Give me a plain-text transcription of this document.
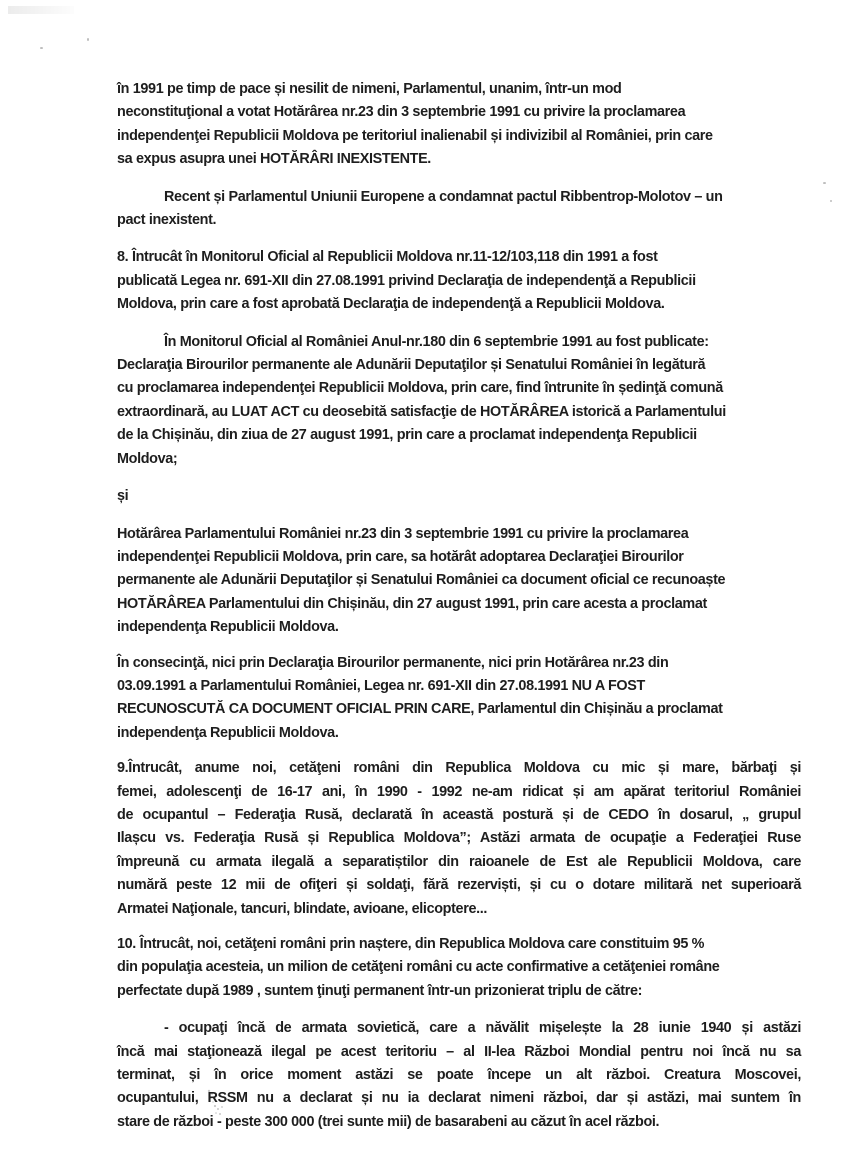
în 1991 pe timp de pace și nesilit de nimeni, Parlamentul, unanim, într-un mod
neconstituţional a votat Hotărârea nr.23 din 3 septembrie 1991 cu privire la proclamarea
independenţei Republicii Moldova pe teritoriul inalienabil și indivizibil al României, prin care
sa expus asupra unei HOTĂRÂRI INEXISTENTE.
Recent și Parlamentul Uniunii Europene a condamnat pactul Ribbentrop-Molotov – un
pact inexistent.
8. Întrucât în Monitorul Oficial al Republicii Moldova nr.11-12/103,118 din 1991 a fost
publicată Legea nr. 691-XII din 27.08.1991 privind Declaraţia de independenţă a Republicii
Moldova, prin care a fost aprobată Declaraţia de independenţă a Republicii Moldova.
În Monitorul Oficial al României Anul-nr.180 din 6 septembrie 1991 au fost publicate:
Declaraţia Birourilor permanente ale Adunării Deputaţilor și Senatului României în legătură
cu proclamarea independenţei Republicii Moldova, prin care, find întrunite în ședinţă comună
extraordinară, au LUAT ACT cu deosebită satisfacţie de HOTĂRÂREA istorică a Parlamentului
de la Chișinău, din ziua de 27 august 1991, prin care a proclamat independenţa Republicii
Moldova;
și
Hotărârea Parlamentului României nr.23 din 3 septembrie 1991 cu privire la proclamarea
independenţei Republicii Moldova, prin care, sa hotărât adoptarea Declaraţiei Birourilor
permanente ale Adunării Deputaţilor și Senatului României ca document oficial ce recunoaște
HOTĂRÂREA Parlamentului din Chișinău, din 27 august 1991, prin care acesta a proclamat
independenţa Republicii Moldova.
În consecinţă, nici prin Declaraţia Birourilor permanente, nici prin Hotărârea nr.23 din
03.09.1991 a Parlamentului României, Legea nr. 691-XII din 27.08.1991 NU A FOST
RECUNOSCUTĂ CA DOCUMENT OFICIAL PRIN CARE, Parlamentul din Chișinău a proclamat
independenţa Republicii Moldova.
9.Întrucât, anume noi, cetăţeni români din Republica Moldova cu mic și mare, bărbaţi și
femei, adolescenţi de 16-17 ani, în 1990 - 1992 ne-am ridicat și am apărat teritoriul României
de ocupantul – Federaţia Rusă, declarată în această postură și de CEDO în dosarul, „ grupul
Ilașcu vs. Federaţia Rusă și Republica Moldova”; Astăzi armata de ocupaţie a Federaţiei Ruse
împreună cu armata ilegală a separatiștilor din raioanele de Est ale Republicii Moldova, care
numără peste 12 mii de ofiţeri și soldaţi, fără rezerviști, și cu o dotare militară net superioară
Armatei Naţionale, tancuri, blindate, avioane, elicoptere...
10. Întrucât, noi, cetăţeni români prin naștere, din Republica Moldova care constituim 95 %
din populaţia acesteia, un milion de cetăţeni români cu acte confirmative a cetăţeniei române
perfectate după 1989 , suntem ţinuţi permanent într-un prizonierat triplu de către:
- ocupaţi încă de armata sovietică, care a năvălit mișelește la 28 iunie 1940 și astăzi
încă mai staţionează ilegal pe acest teritoriu – al II-lea Război Mondial pentru noi încă nu sa
terminat, și în orice moment astăzi se poate începe un alt război. Creatura Moscovei,
ocupantului, RSSM nu a declarat și nu ia declarat nimeni război, dar și astăzi, mai suntem în
stare de război - peste 300 000 (trei sunte mii) de basarabeni au căzut în acel război.
